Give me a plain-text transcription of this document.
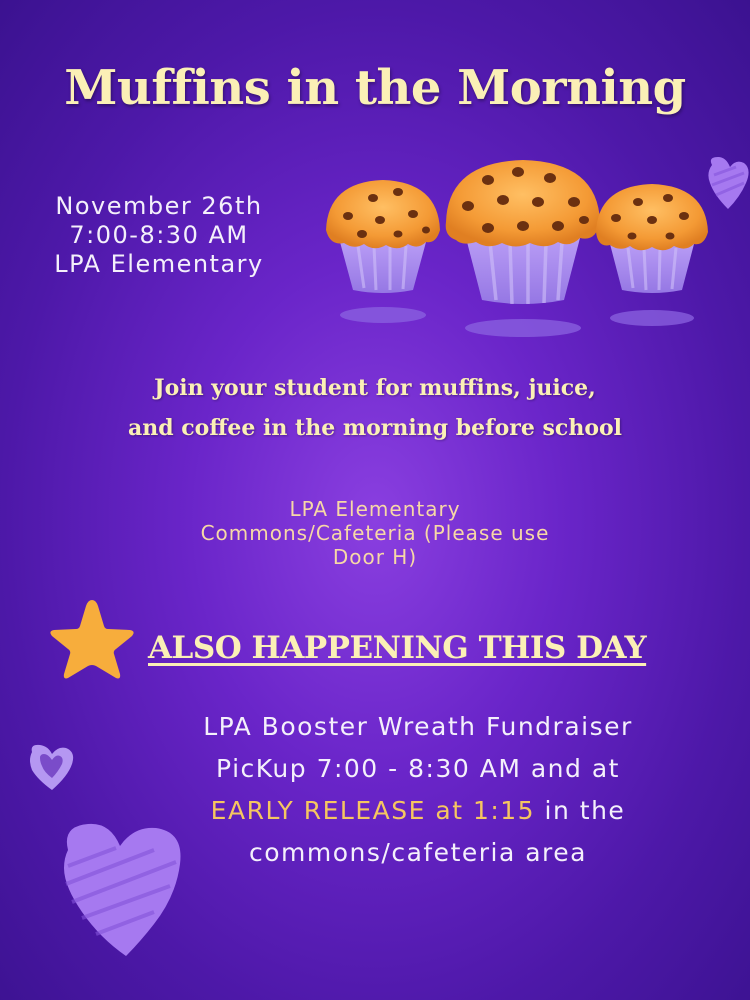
Muffins in the Morning
November 26th
7:00-8:30 AM
LPA Elementary
Join your student for muffins, juice,
and coffee in the morning before school
LPA Elementary
Commons/Cafeteria (Please use
Door H)
ALSO HAPPENING THIS DAY
LPA Booster Wreath Fundraiser
PicKup 7:00 - 8:30 AM and at
EARLY RELEASE at 1:15 in the
commons/cafeteria area
